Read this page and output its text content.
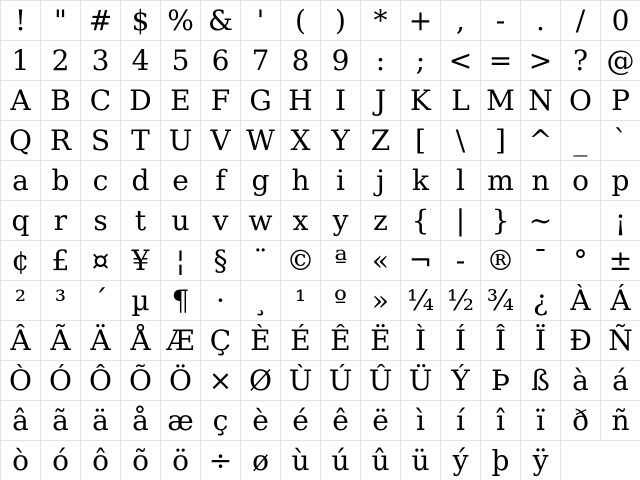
!	"	#	$	%	&	'	(	)	*	+	,	-	.	/	0
1	2	3	4	5	6	7	8	9	:	;	<	=	>	?	@
A	B	C	D	E	F	G	H	I	J	K	L	M	N	O	P
Q	R	S	T	U	V	W	X	Y	Z	[	\	]	^	_	`
a	b	c	d	e	f	g	h	i	j	k	l	m	n	o	p
q	r	s	t	u	v	w	x	y	z	{	|	}	~		¡
¢	£	¤	¥	¦	§	¨	©	ª	«	¬	-	®	¯	°	±
²	³	´	µ	¶	·	¸	¹	º	»	¼	½	¾	¿	À	Á
Â	Ã	Ä	Å	Æ	Ç	È	É	Ê	Ë	Ì	Í	Î	Ï	Ð	Ñ
Ò	Ó	Ô	Õ	Ö	×	Ø	Ù	Ú	Û	Ü	Ý	Þ	ß	à	á
â	ã	ä	å	æ	ç	è	é	ê	ë	ì	í	î	ï	ð	ñ
ò	ó	ô	õ	ö	÷	ø	ù	ú	û	ü	ý	þ	ÿ		
